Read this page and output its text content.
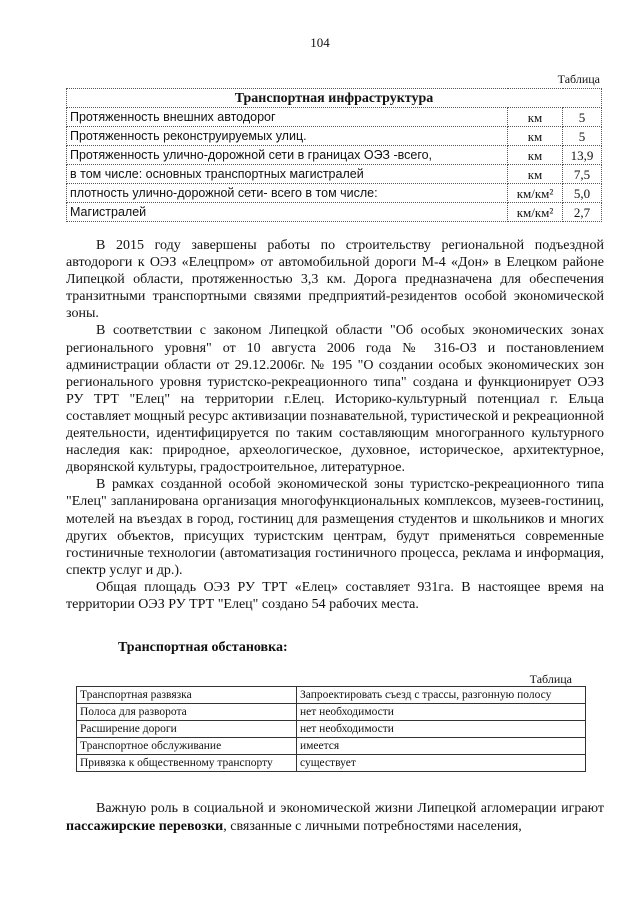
104
Таблица
Транспортная инфраструктура		
Протяженность внешних автодорог	км	5
Протяженность реконструируемых улиц.	км	5
Протяженность улично-дорожной сети в границах ОЭЗ -всего,	км	13,9
в том числе: основных транспортных магистралей	км	7,5
плотность улично-дорожной сети- всего в том числе:	км/км²	5,0
Магистралей	км/км²	2,7

В 2015 году завершены работы по строительству региональной подъездной автодороги к ОЭЗ «Елецпром» от автомобильной дороги М-4 «Дон» в Елецком районе Липецкой области, протяженностью 3,3 км. Дорога предназначена для обеспечения транзитными транспортными связями предприятий-резидентов особой экономической зоны.

В соответствии с законом Липецкой области "Об особых экономических зонах регионального уровня" от 10 августа 2006 года № 316-ОЗ и постановлением администрации области от 29.12.2006г. № 195 "О создании особых экономических зон регионального уровня туристско-рекреационного типа" создана и функционирует ОЭЗ РУ ТРТ "Елец" на территории г.Елец. Историко-культурный потенциал г. Ельца составляет мощный ресурс активизации познавательной, туристической и рекреационной деятельности, идентифицируется по таким составляющим многогранного культурного наследия как: природное, археологическое, духовное, историческое, архитектурное, дворянской культуры, градостроительное, литературное.

В рамках созданной особой экономической зоны туристско-рекреационного типа "Елец" запланирована организация многофункциональных комплексов, музеев-гостиниц, мотелей на въездах в город, гостиниц для размещения студентов и школьников и многих других объектов, присущих туристским центрам, будут применяться современные гостиничные технологии (автоматизация гостиничного процесса, реклама и информация, спектр услуг и др.).

Общая площадь ОЭЗ РУ ТРТ «Елец» составляет 931га. В настоящее время на территории ОЭЗ РУ ТРТ "Елец" создано 54 рабочих места.

Транспортная обстановка:
Таблица
Транспортная развязка	Запроектировать съезд с трассы, разгонную полосу
Полоса для разворота	нет необходимости
Расширение дороги	нет необходимости
Транспортное обслуживание	имеется
Привязка к общественному транспорту	существует

Важную роль в социальной и экономической жизни Липецкой агломерации играют пассажирские перевозки, связанные с личными потребностями населения,
